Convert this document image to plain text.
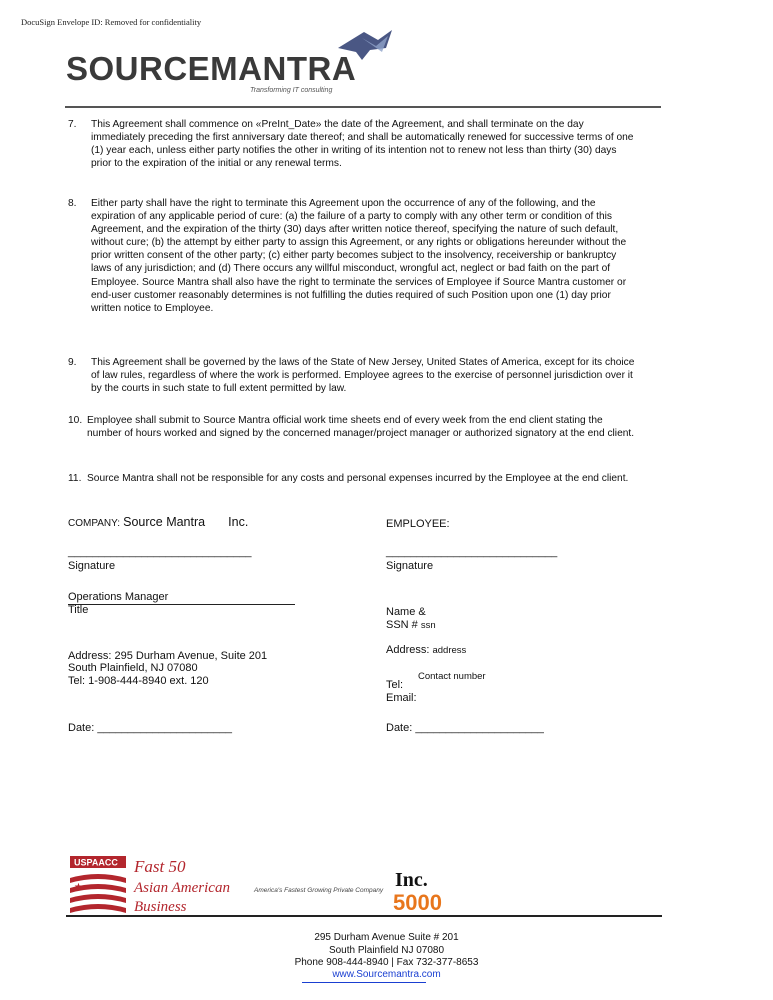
DocuSign Envelope ID: Removed for confidentiality
SOURCEMANTRA
Transforming IT consulting
7. This Agreement shall commence on «PreInt_Date» the date of the Agreement, and shall terminate on the day immediately preceding the first anniversary date thereof; and shall be automatically renewed for successive terms of one (1) year each, unless either party notifies the other in writing of its intention not to renew not less than thirty (30) days prior to the expiration of the initial or any renewal terms.
8. Either party shall have the right to terminate this Agreement upon the occurrence of any of the following, and the expiration of any applicable period of cure: (a) the failure of a party to comply with any other term or condition of this Agreement, and the expiration of the thirty (30) days after written notice thereof, specifying the nature of such default, without cure; (b) the attempt by either party to assign this Agreement, or any rights or obligations hereunder without the prior written consent of the other party; (c) either party becomes subject to the insolvency, receivership or bankruptcy laws of any jurisdiction; and (d) There occurs any willful misconduct, wrongful act, neglect or bad faith on the part of Employee. Source Mantra shall also have the right to terminate the services of Employee if Source Mantra customer or end-user customer reasonably determines is not fulfilling the duties required of such Position upon one (1) day prior written notice to Employee.
9. This Agreement shall be governed by the laws of the State of New Jersey, United States of America, except for its choice of law rules, regardless of where the work is performed. Employee agrees to the exercise of personnel jurisdiction over it by the courts in such state to full extent permitted by law.
10. Employee shall submit to Source Mantra official work time sheets end of every week from the end client stating the number of hours worked and signed by the concerned manager/project manager or authorized signatory at the end client.
11. Source Mantra shall not be responsible for any costs and personal expenses incurred by the Employee at the end client.
COMPANY: Source Mantra Inc.
______________________________
Signature
Operations Manager
Title
Address: 295 Durham Avenue, Suite 201
South Plainfield, NJ 07080
Tel: 1-908-444-8940 ext. 120
Date: ______________________
EMPLOYEE:
____________________________
Signature
Name &
SSN # ssn
Address: address
Contact number
Tel:
Email:
Date: _____________________
USPAACC
★
Fast 50
Asian American
Business
America's Fastest Growing Private Company Inc.
5000
295 Durham Avenue Suite # 201
South Plainfield NJ 07080
Phone 908-444-8940 | Fax 732-377-8653
www.Sourcemantra.com
